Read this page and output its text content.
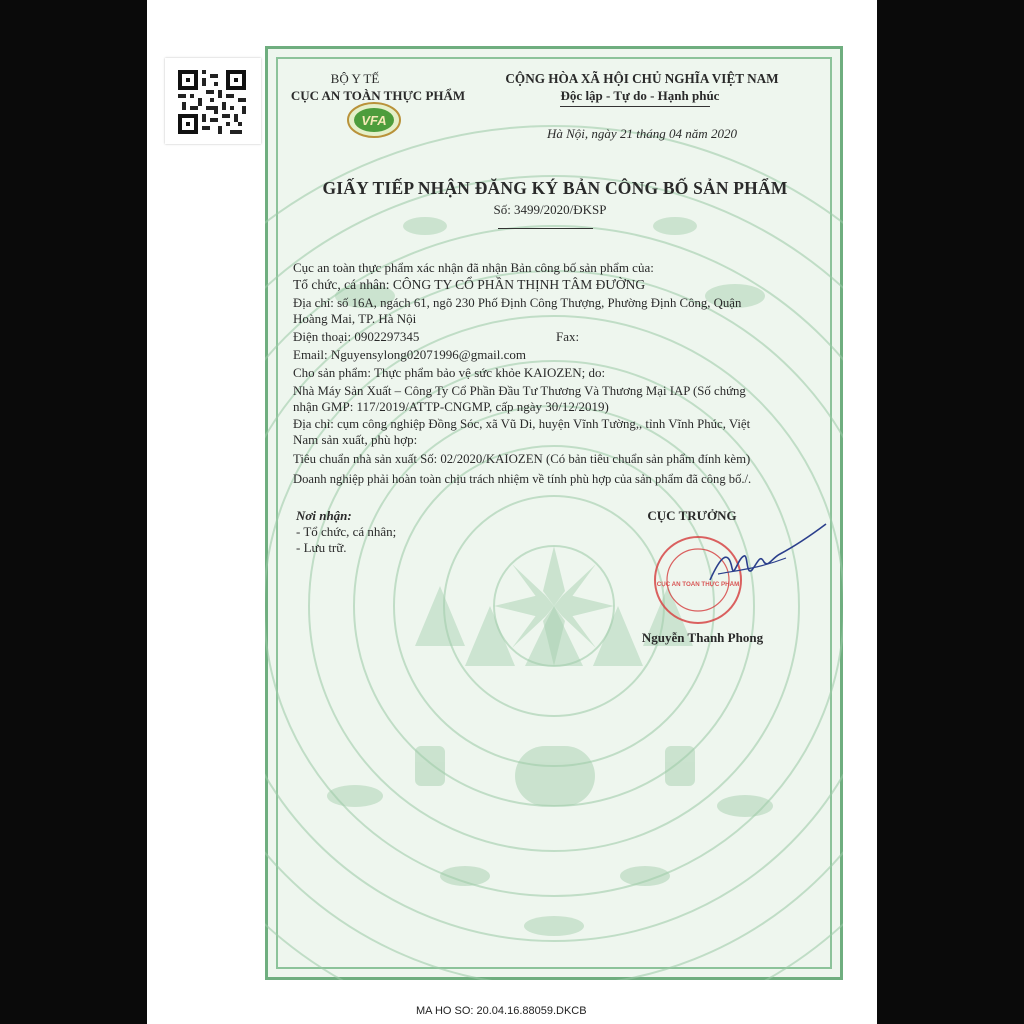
VFA
BỘ Y TẾ
CỤC AN TOÀN THỰC PHẨM
CỘNG HÒA XÃ HỘI CHỦ NGHĨA VIỆT NAM
Độc lập - Tự do - Hạnh phúc
Hà Nội, ngày 21 tháng 04 năm 2020
GIẤY TIẾP NHẬN ĐĂNG KÝ BẢN CÔNG BỐ SẢN PHẨM
Số: 3499/2020/ĐKSP
Cục an toàn thực phẩm xác nhận đã nhận Bản công bố sản phẩm của:
Tổ chức, cá nhân: CÔNG TY CỔ PHẦN THỊNH TÂM ĐƯỜNG
Địa chỉ: số 16A, ngách 61, ngõ 230 Phố Định Công Thượng, Phường Định Công, Quận
Hoàng Mai, TP. Hà Nội
Điện thoại: 0902297345	Fax:
Email: Nguyensylong02071996@gmail.com
Cho sản phẩm: Thực phẩm bảo vệ sức khỏe KAIOZEN; do:
Nhà Máy Sản Xuất – Công Ty Cổ Phần Đầu Tư Thương Và Thương Mại IAP (Số chứng
nhận GMP: 117/2019/ATTP-CNGMP, cấp ngày 30/12/2019)
Địa chỉ: cụm công nghiệp Đồng Sóc, xã Vũ Di, huyện Vĩnh Tường,, tỉnh Vĩnh Phúc, Việt
Nam sản xuất, phù hợp:
Tiêu chuẩn nhà sản xuất Số: 02/2020/KAIOZEN (Có bản tiêu chuẩn sản phẩm đính kèm)
Doanh nghiệp phải hoàn toàn chịu trách nhiệm về tính phù hợp của sản phẩm đã công bố./.
Nơi nhận:
- Tổ chức, cá nhân;
- Lưu trữ.
CỤC TRƯỞNG
CỤC AN TOÀN THỰC PHẨM
Nguyễn Thanh Phong
MA HO SO: 20.04.16.88059.DKCB
